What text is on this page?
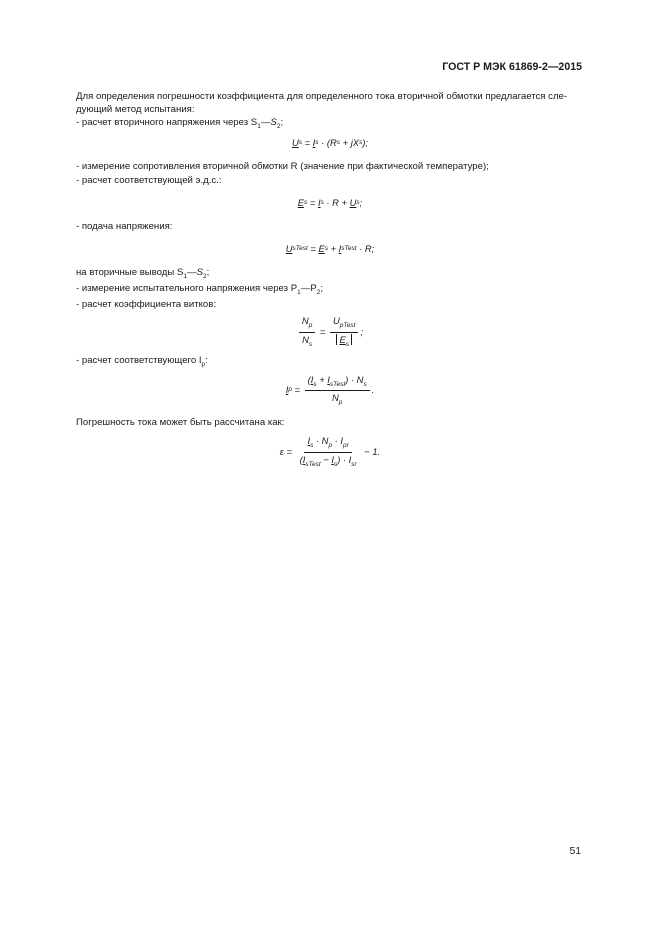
ГОСТ Р МЭК 61869-2—2015

Для определения погрешности коэффициента для определенного тока вторичной обмотки предлагается сле-
дующий метод испытания:

- расчет вторичного напряжения через $S_1—S_2$;

U s = I s · ( R s + jX s );

- измерение сопротивления вторичной обмотки R (значение при фактической температуре);

- расчет соответствующей э.д.с.:

E s = I s · R + U s ;

- подача напряжения:

U sTest = E s + I sTest · R;

на вторичные выводы $S_1—S_2$;

- измерение испытательного напряжения через $Р_1—Р_2$;

- расчет коэффициента витков:

$\frac{N_p}{N_s} = \frac{U_{pTest}}{E_s}$ ;

- расчет соответствующего $I_p$:

I $p = \frac{(I_s + I_{sTest}) \cdot N_s}{N_p}$ .

Погрешность тока может быть рассчитана как:

$\varepsilon = \frac{I_s \cdot N_p \cdot I_{pr}}{(I_{sTest} - I_s) \cdot I_{sr}} - 1$.
51
